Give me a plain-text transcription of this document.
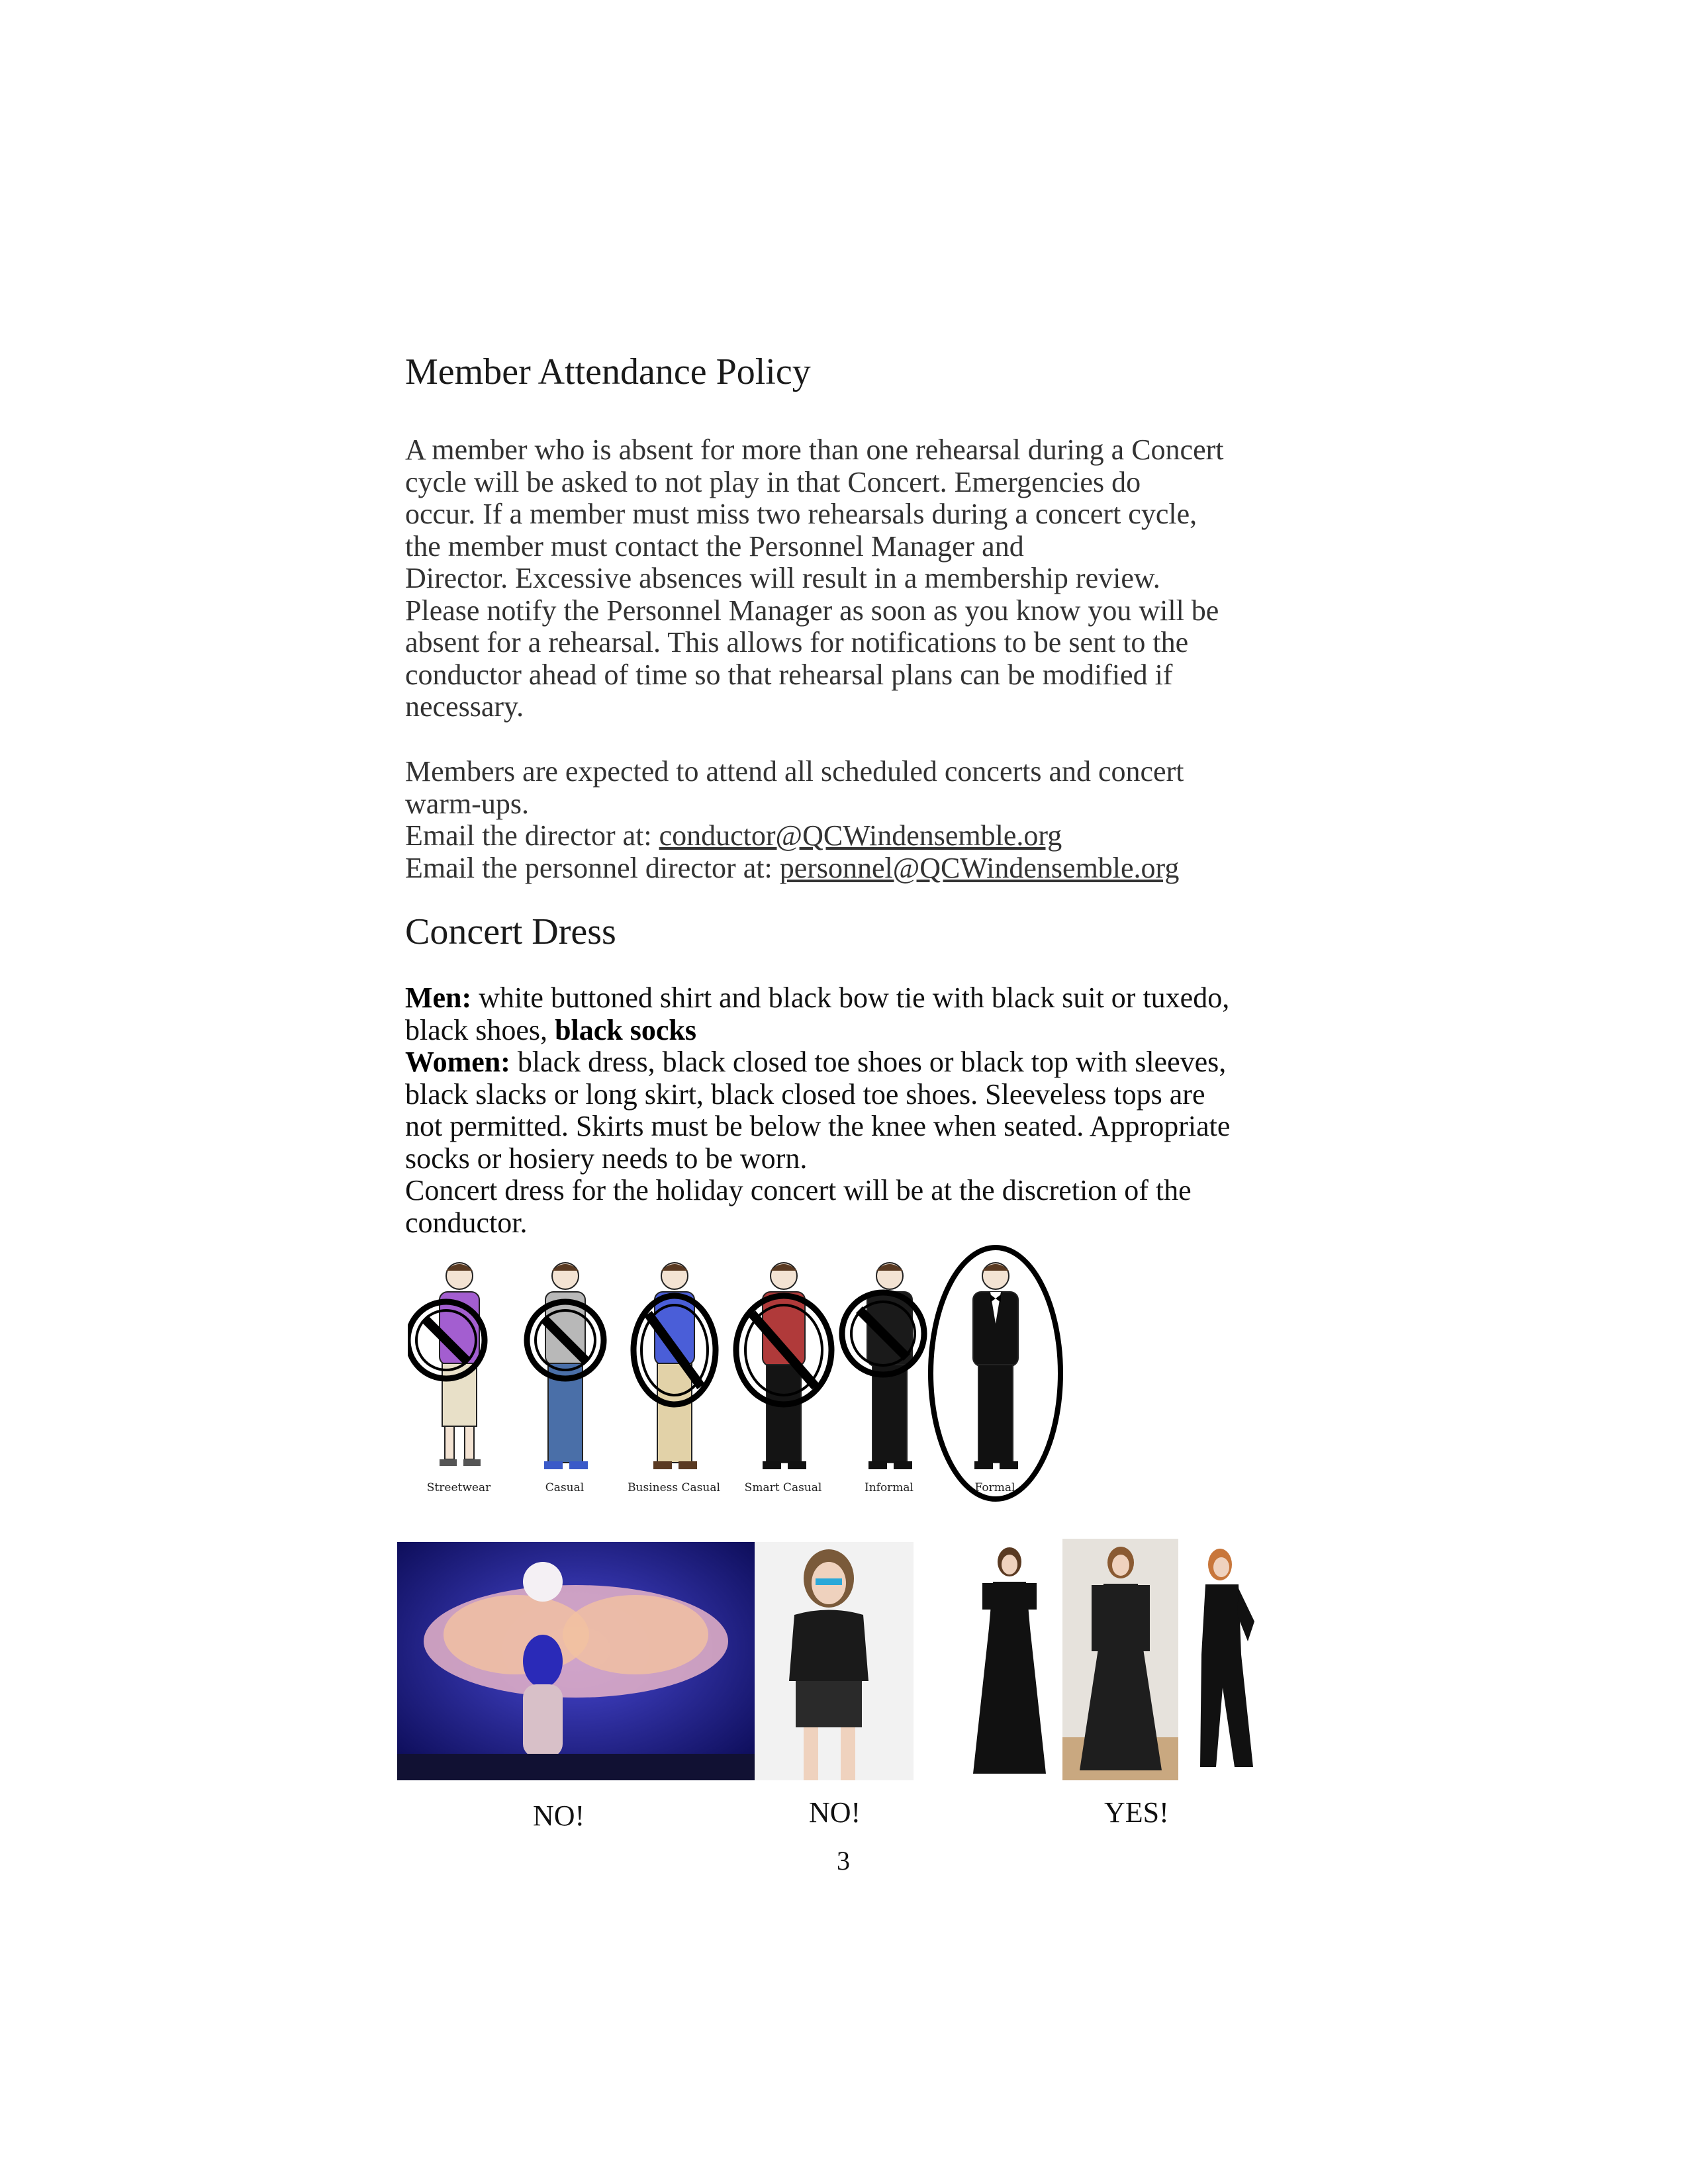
Member Attendance Policy

A member who is absent for more than one rehearsal during a Concert

cycle will be asked to not play in that Concert. Emergencies do

occur. If a member must miss two rehearsals during a concert cycle,

the member must contact the Personnel Manager and

Director. Excessive absences will result in a membership review.

Please notify the Personnel Manager as soon as you know you will be

absent for a rehearsal. This allows for notifications to be sent to the

conductor ahead of time so that rehearsal plans can be modified if

necessary.

Members are expected to attend all scheduled concerts and concert

warm-ups.

Email the director at: conductor@QCWindensemble.org

Email the personnel director at: personnel@QCWindensemble.org

Concert Dress

Men: white buttoned shirt and black bow tie with black suit or tuxedo,

black shoes, black socks

Women: black dress, black closed toe shoes or black top with sleeves,

black slacks or long skirt, black closed toe shoes. Sleeveless tops are

not permitted. Skirts must be below the knee when seated. Appropriate

socks or hosiery needs to be worn.

Concert dress for the holiday concert will be at the discretion of the

conductor.

Streetwear	Casual	Business Casual	Smart Casual	Informal	Formal
NO!	NO!	YES!
3
